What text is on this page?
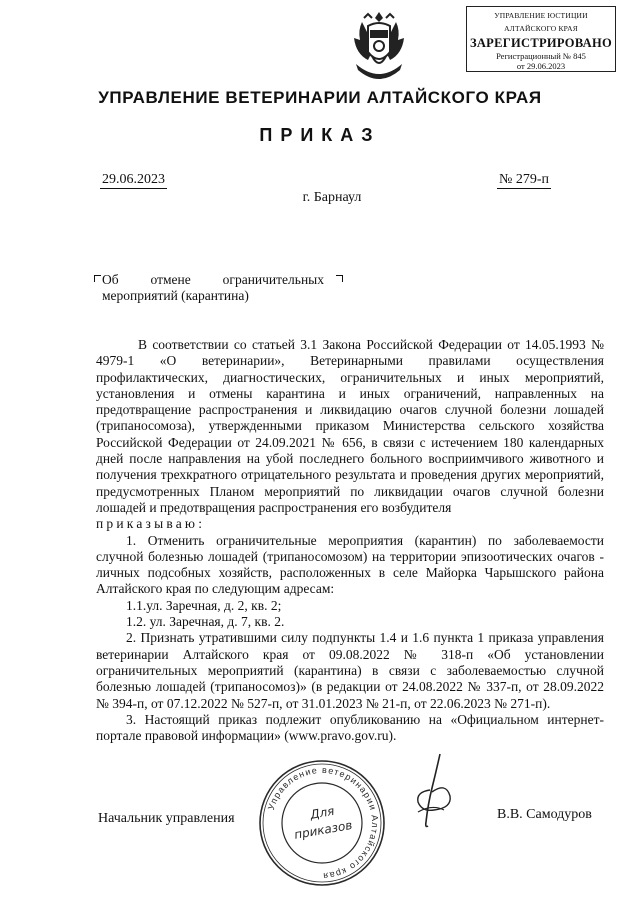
УПРАВЛЕНИЕ ЮСТИЦИИ
АЛТАЙСКОГО КРАЯ
ЗАРЕГИСТРИРОВАНО
Регистрационный № 845
от 29.06.2023
УПРАВЛЕНИЕ ВЕТЕРИНАРИИ АЛТАЙСКОГО КРАЯ
ПРИКАЗ
29.06.2023	№ 279-п
г. Барнаул
Об отмене ограничительных мероприятий (карантина)

В соответствии со статьей 3.1 Закона Российской Федерации от 14.05.1993 № 4979-1 «О ветеринарии», Ветеринарными правилами осуществления профилактических, диагностических, ограничительных и иных мероприятий, установления и отмены карантина и иных ограничений, направленных на предотвращение распространения и ликвидацию очагов случной болезни лошадей (трипаносомоза), утвержденными приказом Министерства сельского хозяйства Российской Федерации от 24.09.2021 № 656, в связи с истечением 180 календарных дней после направления на убой последнего больного восприимчивого животного и получения трехкратного отрицательного результата и проведения других мероприятий, предусмотренных Планом мероприятий по ликвидации очагов случной болезни лошадей и предотвращения распространения его возбудителя

приказываю:

1. Отменить ограничительные мероприятия (карантин) по заболеваемости случной болезнью лошадей (трипаносомозом) на территории эпизоотических очагов - личных подсобных хозяйств, расположенных в селе Майорка Чарышского района Алтайского края по следующим адресам:

1.1.ул. Заречная, д. 2, кв. 2;

1.2. ул. Заречная, д. 7, кв. 2.

2. Признать утратившими силу подпункты 1.4 и 1.6 пункта 1 приказа управления ветеринарии Алтайского края от 09.08.2022 № 318-п «Об установлении ограничительных мероприятий (карантина) в связи с заболеваемостью случной болезнью лошадей (трипаносомоз)» (в редакции от 24.08.2022 № 337-п, от 28.09.2022 № 394-п, от 07.12.2022 № 527-п, от 31.01.2023 № 21-п, от 22.06.2023 № 271-п).

3. Настоящий приказ подлежит опубликованию на «Официальном интернет-портале правовой информации» (www.pravo.gov.ru).

Начальник управления	В.В. Самодуров
Управление ветеринарии Алтайского края
Для
приказов
